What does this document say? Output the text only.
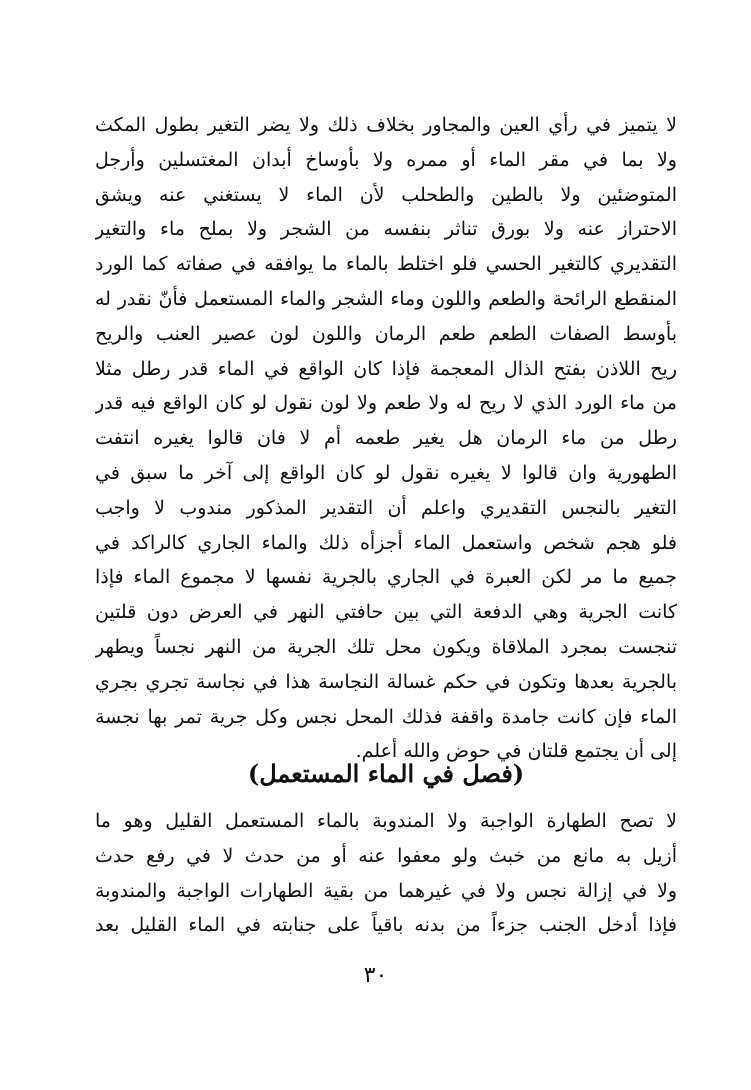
لا يتميز في رأي العين والمجاور بخلاف ذلك ولا يضر التغير بطول المكث
ولا بما في مقر الماء أو ممره ولا بأوساخ أبدان المغتسلين وأرجل
المتوضئين ولا بالطين والطحلب لأن الماء لا يستغني عنه ويشق
الاحتراز عنه ولا بورق تناثر بنفسه من الشجر ولا بملح ماء والتغير
التقديري كالتغير الحسي فلو اختلط بالماء ما يوافقه في صفاته كما الورد
المنقطع الرائحة والطعم واللون وماء الشجر والماء المستعمل فأنّ نقدر له
بأوسط الصفات الطعم طعم الرمان واللون لون عصير العنب والريح
ريح اللاذن بفتح الذال المعجمة فإذا كان الواقع في الماء قدر رطل مثلا
من ماء الورد الذي لا ريح له ولا طعم ولا لون نقول لو كان الواقع فيه قدر
رطل من ماء الرمان هل يغير طعمه أم لا فان قالوا يغيره انتفت
الطهورية وان قالوا لا يغيره نقول لو كان الواقع إلى آخر ما سبق في
التغير بالنجس التقديري واعلم أن التقدير المذكور مندوب لا واجب
فلو هجم شخص واستعمل الماء أجزأه ذلك والماء الجاري كالراكد في
جميع ما مر لكن العبرة في الجاري بالجرية نفسها لا مجموع الماء فإذا
كانت الجرية وهي الدفعة التي بين حافتي النهر في العرض دون قلتين
تنجست بمجرد الملاقاة ويكون محل تلك الجرية من النهر نجساً ويطهر
بالجرية بعدها وتكون في حكم غسالة النجاسة هذا في نجاسة تجري بجري
الماء فإن كانت جامدة واقفة فذلك المحل نجس وكل جرية تمر بها نجسة
إلى أن يجتمع قلتان في حوض والله أعلم.
(فصل في الماء المستعمل)
لا تصح الطهارة الواجبة ولا المندوبة بالماء المستعمل القليل وهو ما
أزيل به مانع من خبث ولو معفوا عنه أو من حدث لا في رفع حدث
ولا في إزالة نجس ولا في غيرهما من بقية الطهارات الواجبة والمندوبة
فإذا أدخل الجنب جزءاً من بدنه باقياً على جنابته في الماء القليل بعد
٣٠
